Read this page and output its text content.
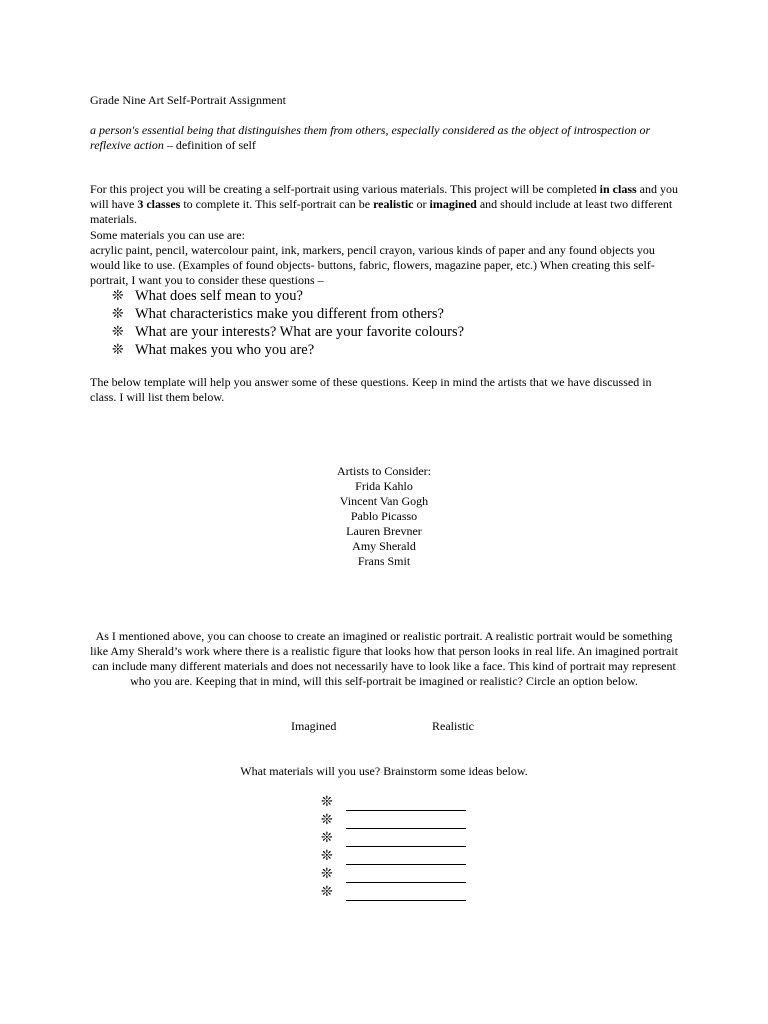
Grade Nine Art Self-Portrait Assignment
a person's essential being that distinguishes them from others, especially considered as the object of introspection or reflexive action – definition of self
For this project you will be creating a self-portrait using various materials. This project will be completed in class and you will have 3 classes to complete it. This self-portrait can be realistic or imagined and should include at least two different materials.
Some materials you can use are:
acrylic paint, pencil, watercolour paint, ink, markers, pencil crayon, various kinds of paper and any found objects you would like to use. (Examples of found objects- buttons, fabric, flowers, magazine paper, etc.) When creating this self-portrait, I want you to consider these questions –
❊ What does self mean to you?
❊ What characteristics make you different from others?
❊ What are your interests? What are your favorite colours?
❊ What makes you who you are?
The below template will help you answer some of these questions. Keep in mind the artists that we have discussed in class. I will list them below.
Artists to Consider:
Frida Kahlo
Vincent Van Gogh
Pablo Picasso
Lauren Brevner
Amy Sherald
Frans Smit
As I mentioned above, you can choose to create an imagined or realistic portrait. A realistic portrait would be something like Amy Sherald’s work where there is a realistic figure that looks how that person looks in real life. An imagined portrait can include many different materials and does not necessarily have to look like a face. This kind of portrait may represent who you are. Keeping that in mind, will this self-portrait be imagined or realistic? Circle an option below.
Imagined	Realistic
What materials will you use? Brainstorm some ideas below.
❊
❊
❊
❊
❊
❊
